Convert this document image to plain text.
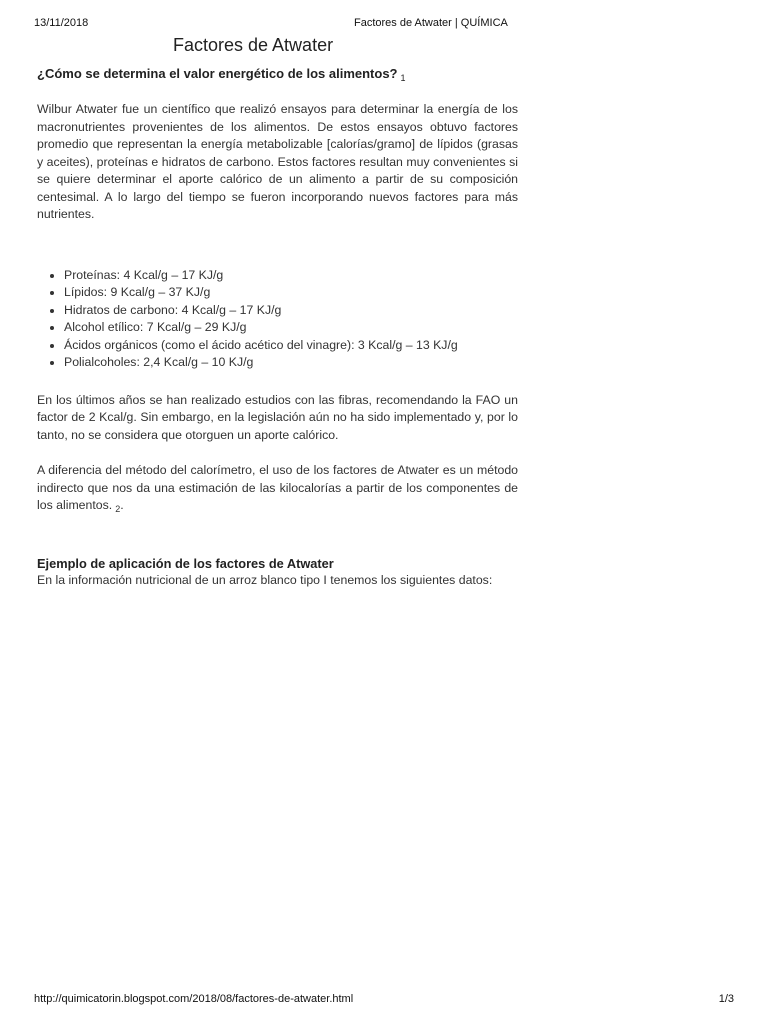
13/11/2018	Factores de Atwater | QUÍMICA
Factores de Atwater
¿Cómo se determina el valor energético de los alimentos? $_1$

Wilbur Atwater fue un científico que realizó ensayos para determinar la energía de los macronutrientes provenientes de los alimentos. De estos ensayos obtuvo factores promedio que representan la energía metabolizable [calorías/gramo] de lípidos (grasas y aceites), proteínas e hidratos de carbono. Estos factores resultan muy convenientes si se quiere determinar el aporte calórico de un alimento a partir de su composición centesimal. A lo largo del tiempo se fueron incorporando nuevos factores para más nutrientes.

• Proteínas: 4 Kcal/g – 17 KJ/g
• Lípidos: 9 Kcal/g – 37 KJ/g
• Hidratos de carbono: 4 Kcal/g – 17 KJ/g
• Alcohol etílico: 7 Kcal/g – 29 KJ/g
• Ácidos orgánicos (como el ácido acético del vinagre): 3 Kcal/g – 13 KJ/g
• Polialcoholes: 2,4 Kcal/g – 10 KJ/g

En los últimos años se han realizado estudios con las fibras, recomendando la FAO un factor de 2 Kcal/g. Sin embargo, en la legislación aún no ha sido implementado y, por lo tanto, no se considera que otorguen un aporte calórico.

A diferencia del método del calorímetro, el uso de los factores de Atwater es un método indirecto que nos da una estimación de las kilocalorías a partir de los componentes de los alimentos. $_2$.

Ejemplo de aplicación de los factores de Atwater

En la información nutricional de un arroz blanco tipo I tenemos los siguientes datos:

http://quimicatorin.blogspot.com/2018/08/factores-de-atwater.html	1/3
